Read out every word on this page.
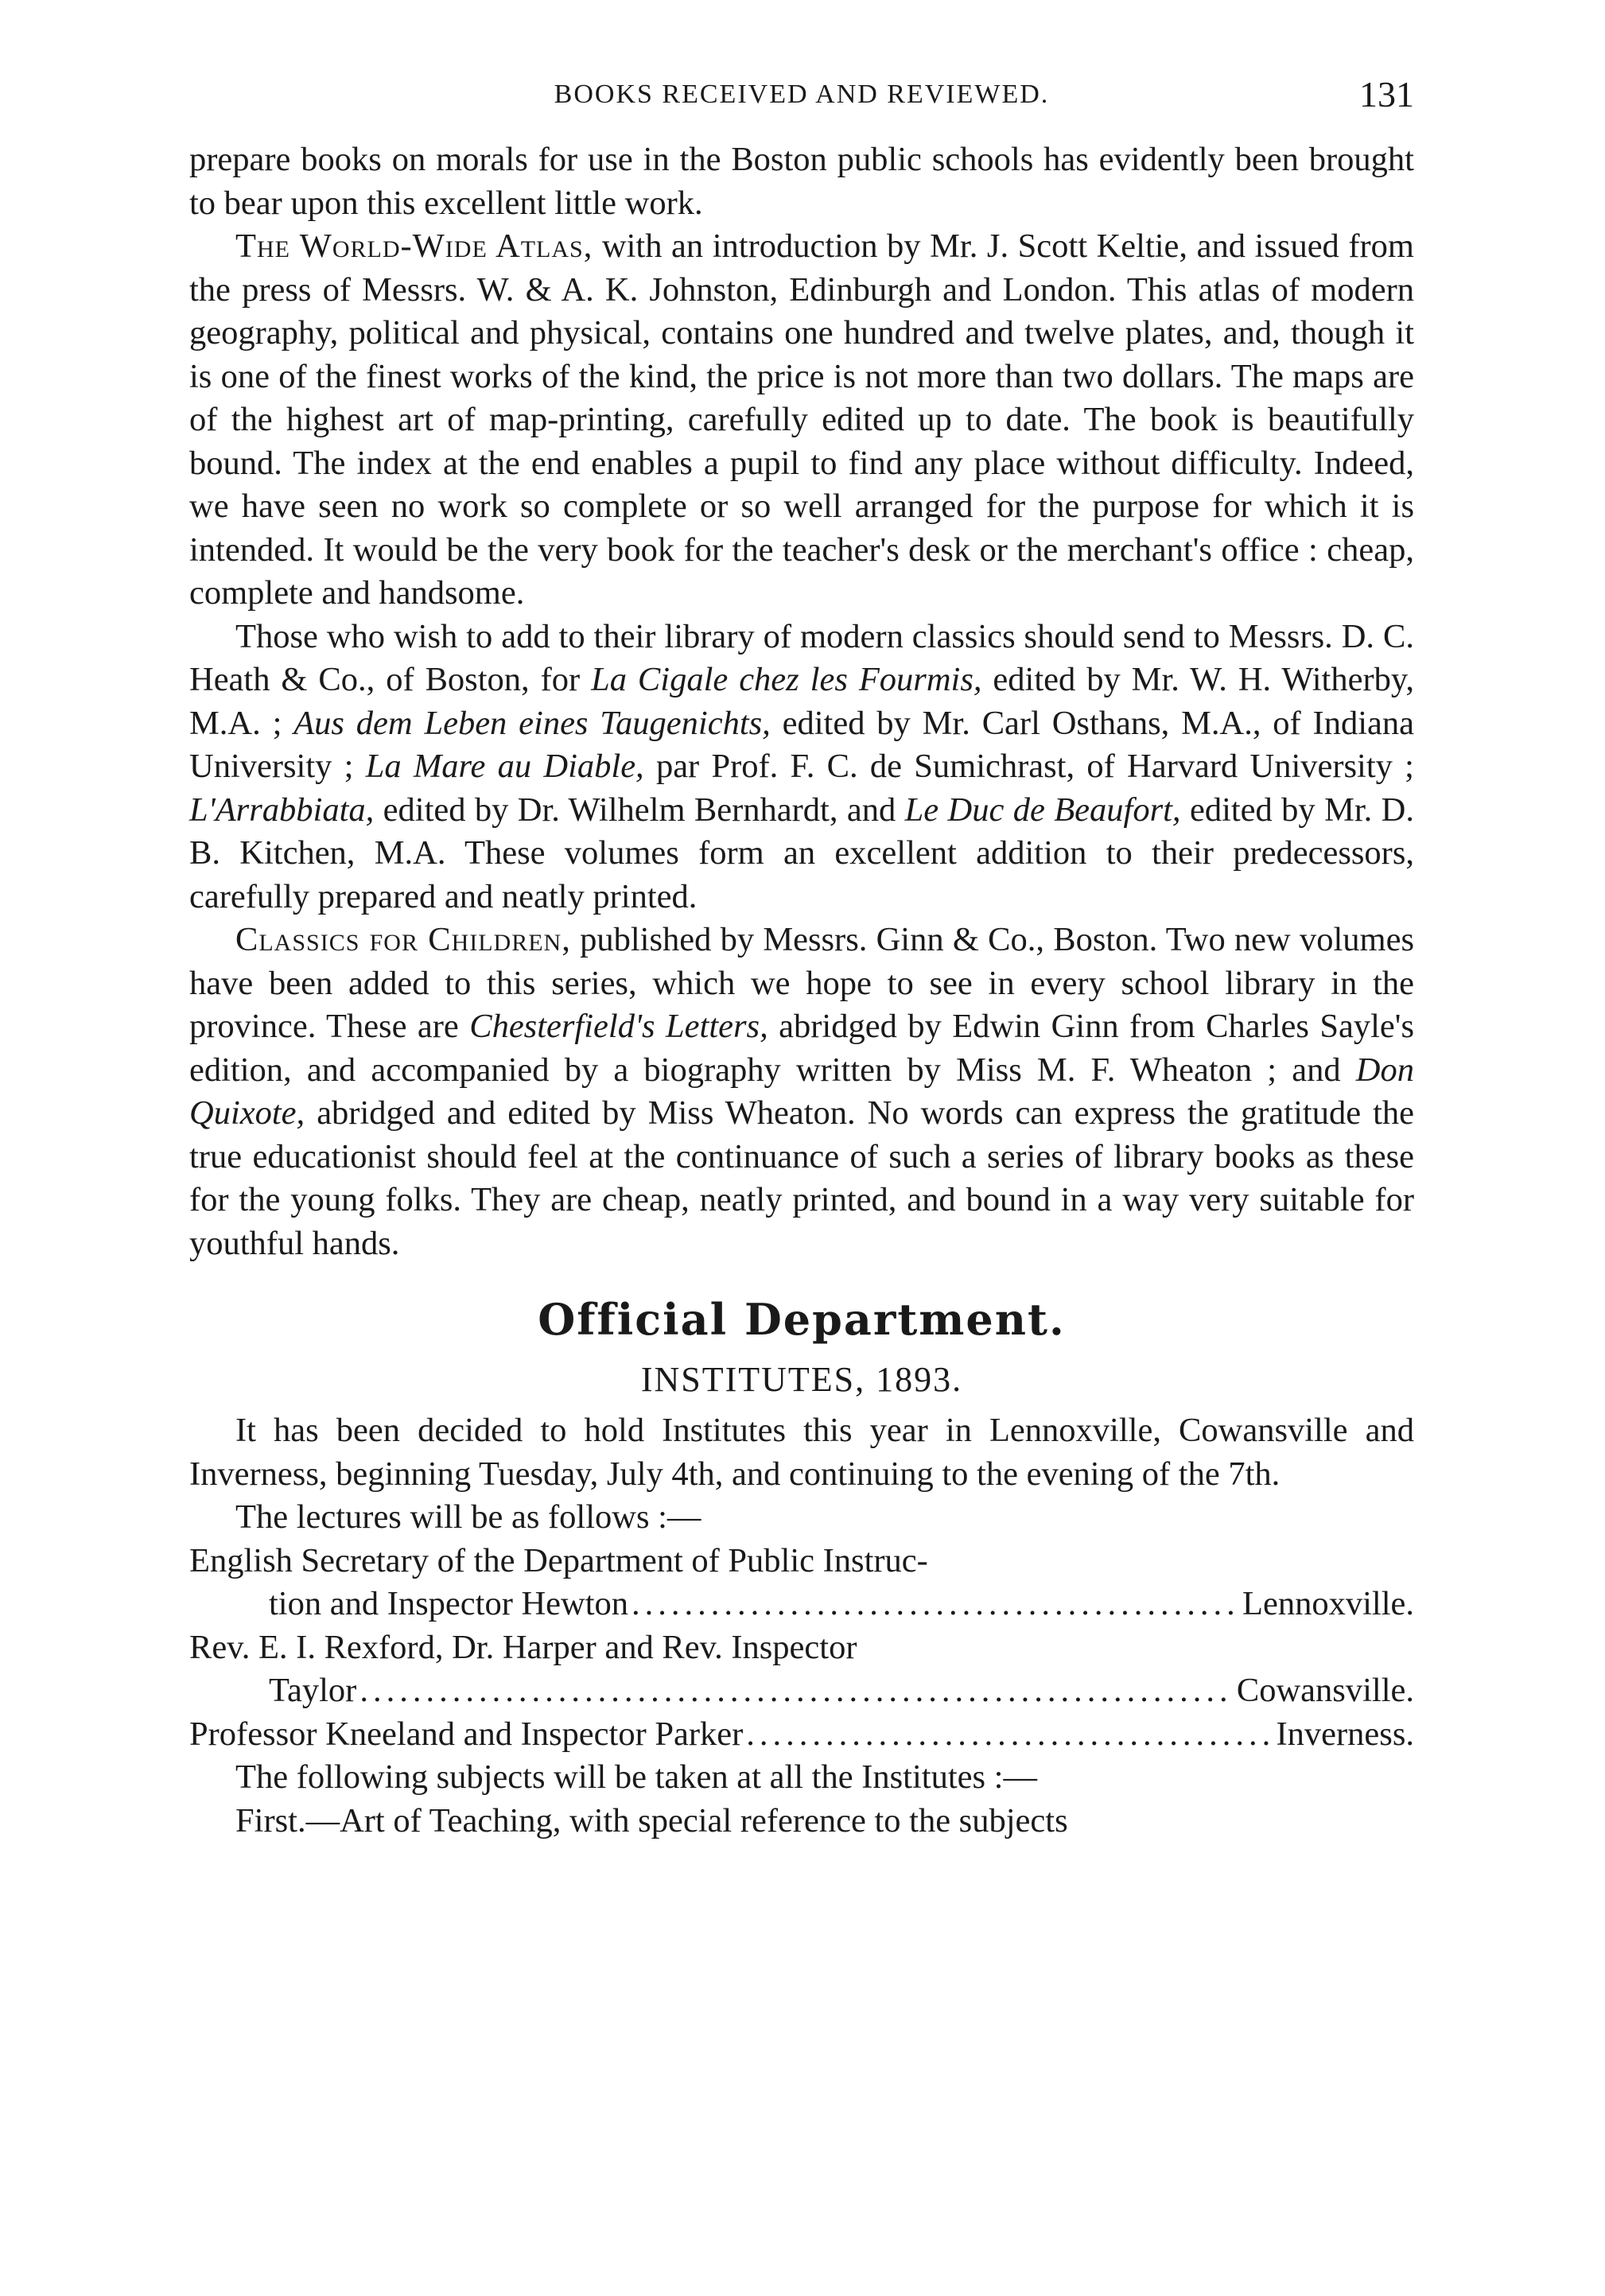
BOOKS RECEIVED AND REVIEWED.	131

prepare books on morals for use in the Boston public schools has evidently been brought to bear upon this excellent little work.

The World-Wide Atlas, with an introduction by Mr. J. Scott Keltie, and issued from the press of Messrs. W. & A. K. Johnston, Edinburgh and London. This atlas of modern geography, political and physical, contains one hundred and twelve plates, and, though it is one of the finest works of the kind, the price is not more than two dollars. The maps are of the highest art of map-printing, carefully edited up to date. The book is beautifully bound. The index at the end enables a pupil to find any place without difficulty. Indeed, we have seen no work so complete or so well arranged for the purpose for which it is intended. It would be the very book for the teacher's desk or the merchant's office : cheap, complete and handsome.

Those who wish to add to their library of modern classics should send to Messrs. D. C. Heath & Co., of Boston, for La Cigale chez les Fourmis, edited by Mr. W. H. Witherby, M.A. ; Aus dem Leben eines Taugenichts, edited by Mr. Carl Osthans, M.A., of Indiana University ; La Mare au Diable, par Prof. F. C. de Sumichrast, of Harvard University ; L'Arrabbiata, edited by Dr. Wilhelm Bernhardt, and Le Duc de Beaufort, edited by Mr. D. B. Kitchen, M.A. These volumes form an excellent addition to their predecessors, carefully prepared and neatly printed.

Classics for Children, published by Messrs. Ginn & Co., Boston. Two new volumes have been added to this series, which we hope to see in every school library in the province. These are Chesterfield's Letters, abridged by Edwin Ginn from Charles Sayle's edition, and accompanied by a biography written by Miss M. F. Wheaton ; and Don Quixote, abridged and edited by Miss Wheaton. No words can express the gratitude the true educationist should feel at the continuance of such a series of library books as these for the young folks. They are cheap, neatly printed, and bound in a way very suitable for youthful hands.

Official Department.
INSTITUTES, 1893.

It has been decided to hold Institutes this year in Lennoxville, Cowansville and Inverness, beginning Tuesday, July 4th, and continuing to the evening of the 7th.

The lectures will be as follows :—

English Secretary of the Department of Public Instruc-
tion and Inspector Hewton .....	Lennoxville.
Rev. E. I. Rexford, Dr. Harper and Rev. Inspector
Taylor .....	Cowansville.
Professor Kneeland and Inspector Parker .....	Inverness.

The following subjects will be taken at all the Institutes :—

First.—Art of Teaching, with special reference to the subjects
